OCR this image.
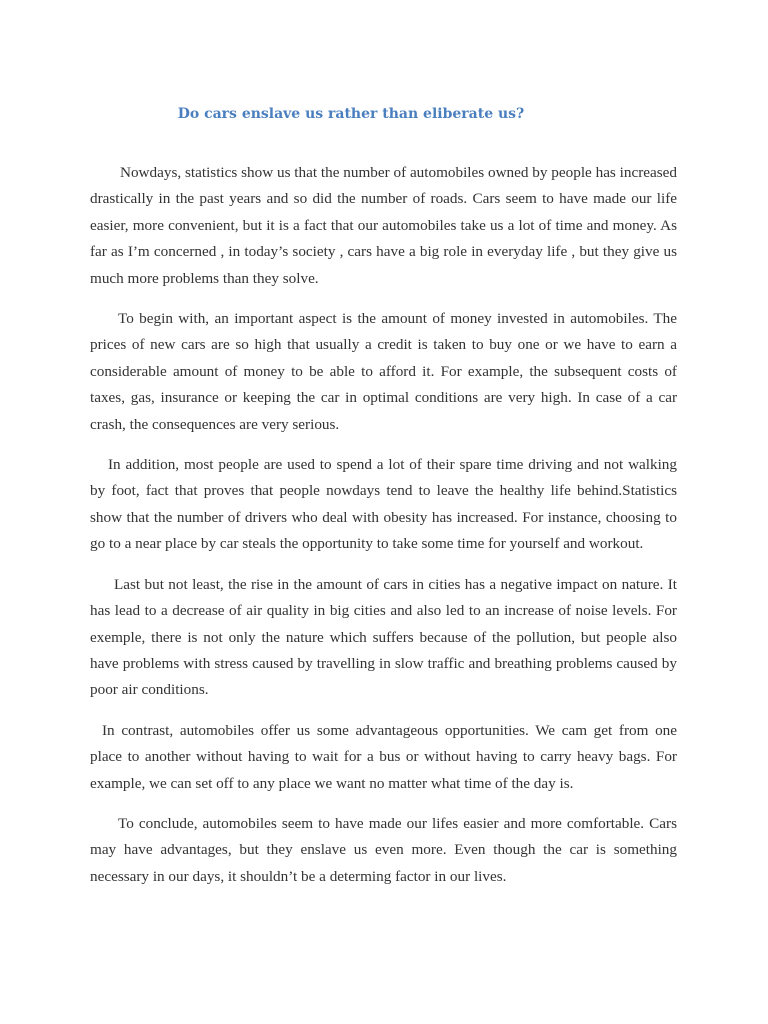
Do cars enslave us rather than eliberate us?

Nowdays, statistics show us that the number of automobiles owned by people has increased drastically in the past years and so did the number of roads. Cars seem to have made our life easier, more convenient, but it is a fact that our automobiles take us a lot of time and money. As far as I’m concerned , in today’s society , cars have a big role in everyday life , but they give us much more problems than they solve.

To begin with, an important aspect is the amount of money invested in automobiles. The prices of new cars are so high that usually a credit is taken to buy one or we have to earn a considerable amount of money to be able to afford it. For example, the subsequent costs of taxes, gas, insurance or keeping the car in optimal conditions are very high. In case of a car crash, the consequences are very serious.

In addition, most people are used to spend a lot of their spare time driving and not walking by foot, fact that proves that people nowdays tend to leave the healthy life behind.Statistics show that the number of drivers who deal with obesity has increased. For instance, choosing to go to a near place by car steals the opportunity to take some time for yourself and workout.

Last but not least, the rise in the amount of cars in cities has a negative impact on nature. It has lead to a decrease of air quality in big cities and also led to an increase of noise levels. For exemple, there is not only the nature which suffers because of the pollution, but people also have problems with stress caused by travelling in slow traffic and breathing problems caused by poor air conditions.

In contrast, automobiles offer us some advantageous opportunities. We cam get from one place to another without having to wait for a bus or without having to carry heavy bags. For example, we can set off to any place we want no matter what time of the day is.

To conclude, automobiles seem to have made our lifes easier and more comfortable. Cars may have advantages, but they enslave us even more. Even though the car is something necessary in our days, it shouldn’t be a determing factor in our lives.
